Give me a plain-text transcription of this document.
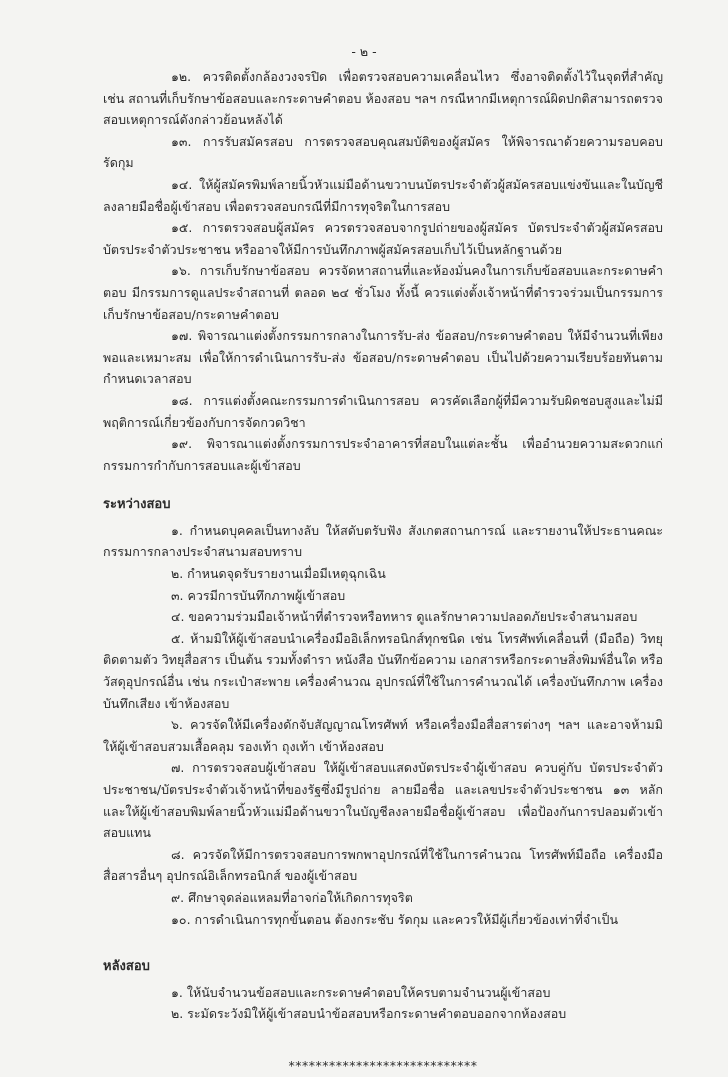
- ๒ -

๑๒. ควรติดตั้งกล้องวงจรปิด เพื่อตรวจสอบความเคลื่อนไหว ซึ่งอาจติดตั้งไว้ในจุดที่สำคัญ เช่น สถานที่เก็บรักษาข้อสอบและกระดาษคำตอบ ห้องสอบ ฯลฯ กรณีหากมีเหตุการณ์ผิดปกติสามารถตรวจสอบเหตุการณ์ดังกล่าวย้อนหลังได้

๑๓. การรับสมัครสอบ การตรวจสอบคุณสมบัติของผู้สมัคร ให้พิจารณาด้วยความรอบคอบ รัดกุม

๑๔. ให้ผู้สมัครพิมพ์ลายนิ้วหัวแม่มือด้านขวาบนบัตรประจำตัวผู้สมัครสอบแข่งขันและในบัญชีลงลายมือชื่อผู้เข้าสอบ เพื่อตรวจสอบกรณีที่มีการทุจริตในการสอบ

๑๕. การตรวจสอบผู้สมัคร ควรตรวจสอบจากรูปถ่ายของผู้สมัคร บัตรประจำตัวผู้สมัครสอบ บัตรประจำตัวประชาชน หรืออาจให้มีการบันทึกภาพผู้สมัครสอบเก็บไว้เป็นหลักฐานด้วย

๑๖. การเก็บรักษาข้อสอบ ควรจัดหาสถานที่และห้องมั่นคงในการเก็บข้อสอบและกระดาษคำตอบ มีกรรมการดูแลประจำสถานที่ ตลอด ๒๔ ชั่วโมง ทั้งนี้ ควรแต่งตั้งเจ้าหน้าที่ตำรวจร่วมเป็นกรรมการเก็บรักษาข้อสอบ/กระดาษคำตอบ

๑๗. พิจารณาแต่งตั้งกรรมการกลางในการรับ-ส่ง ข้อสอบ/กระดาษคำตอบ ให้มีจำนวนที่เพียงพอและเหมาะสม เพื่อให้การดำเนินการรับ-ส่ง ข้อสอบ/กระดาษคำตอบ เป็นไปด้วยความเรียบร้อยทันตามกำหนดเวลาสอบ

๑๘. การแต่งตั้งคณะกรรมการดำเนินการสอบ ควรคัดเลือกผู้ที่มีความรับผิดชอบสูงและไม่มีพฤติการณ์เกี่ยวข้องกับการจัดกวดวิชา

๑๙. พิจารณาแต่งตั้งกรรมการประจำอาคารที่สอบในแต่ละชั้น เพื่ออำนวยความสะดวกแก่กรรมการกำกับการสอบและผู้เข้าสอบ

ระหว่างสอบ

๑. กำหนดบุคคลเป็นทางลับ ให้สดับตรับฟัง สังเกตสถานการณ์ และรายงานให้ประธานคณะกรรมการกลางประจำสนามสอบทราบ

๒. กำหนดจุดรับรายงานเมื่อมีเหตุฉุกเฉิน

๓. ควรมีการบันทึกภาพผู้เข้าสอบ

๔. ขอความร่วมมือเจ้าหน้าที่ตำรวจหรือทหาร ดูแลรักษาความปลอดภัยประจำสนามสอบ

๕. ห้ามมิให้ผู้เข้าสอบนำเครื่องมืออิเล็กทรอนิกส์ทุกชนิด เช่น โทรศัพท์เคลื่อนที่ (มือถือ) วิทยุติดตามตัว วิทยุสื่อสาร เป็นต้น รวมทั้งตำรา หนังสือ บันทึกข้อความ เอกสารหรือกระดาษสิ่งพิมพ์อื่นใด หรือวัสดุอุปกรณ์อื่น เช่น กระเป๋าสะพาย เครื่องคำนวณ อุปกรณ์ที่ใช้ในการคำนวณได้ เครื่องบันทึกภาพ เครื่องบันทึกเสียง เข้าห้องสอบ

๖. ควรจัดให้มีเครื่องดักจับสัญญาณโทรศัพท์ หรือเครื่องมือสื่อสารต่างๆ ฯลฯ และอาจห้ามมิให้ผู้เข้าสอบสวมเสื้อคลุม รองเท้า ถุงเท้า เข้าห้องสอบ

๗. การตรวจสอบผู้เข้าสอบ ให้ผู้เข้าสอบแสดงบัตรประจำผู้เข้าสอบ ควบคู่กับ บัตรประจำตัวประชาชน/บัตรประจำตัวเจ้าหน้าที่ของรัฐซึ่งมีรูปถ่าย ลายมือชื่อ และเลขประจำตัวประชาชน ๑๓ หลัก และให้ผู้เข้าสอบพิมพ์ลายนิ้วหัวแม่มือด้านขวาในบัญชีลงลายมือชื่อผู้เข้าสอบ เพื่อป้องกันการปลอมตัวเข้าสอบแทน

๘. ควรจัดให้มีการตรวจสอบการพกพาอุปกรณ์ที่ใช้ในการคำนวณ โทรศัพท์มือถือ เครื่องมือสื่อสารอื่นๆ อุปกรณ์อิเล็กทรอนิกส์ ของผู้เข้าสอบ

๙. ศึกษาจุดล่อแหลมที่อาจก่อให้เกิดการทุจริต

๑๐. การดำเนินการทุกขั้นตอน ต้องกระชับ รัดกุม และควรให้มีผู้เกี่ยวข้องเท่าที่จำเป็น

หลังสอบ

๑. ให้นับจำนวนข้อสอบและกระดาษคำตอบให้ครบตามจำนวนผู้เข้าสอบ

๒. ระมัดระวังมิให้ผู้เข้าสอบนำข้อสอบหรือกระดาษคำตอบออกจากห้องสอบ

****************************
